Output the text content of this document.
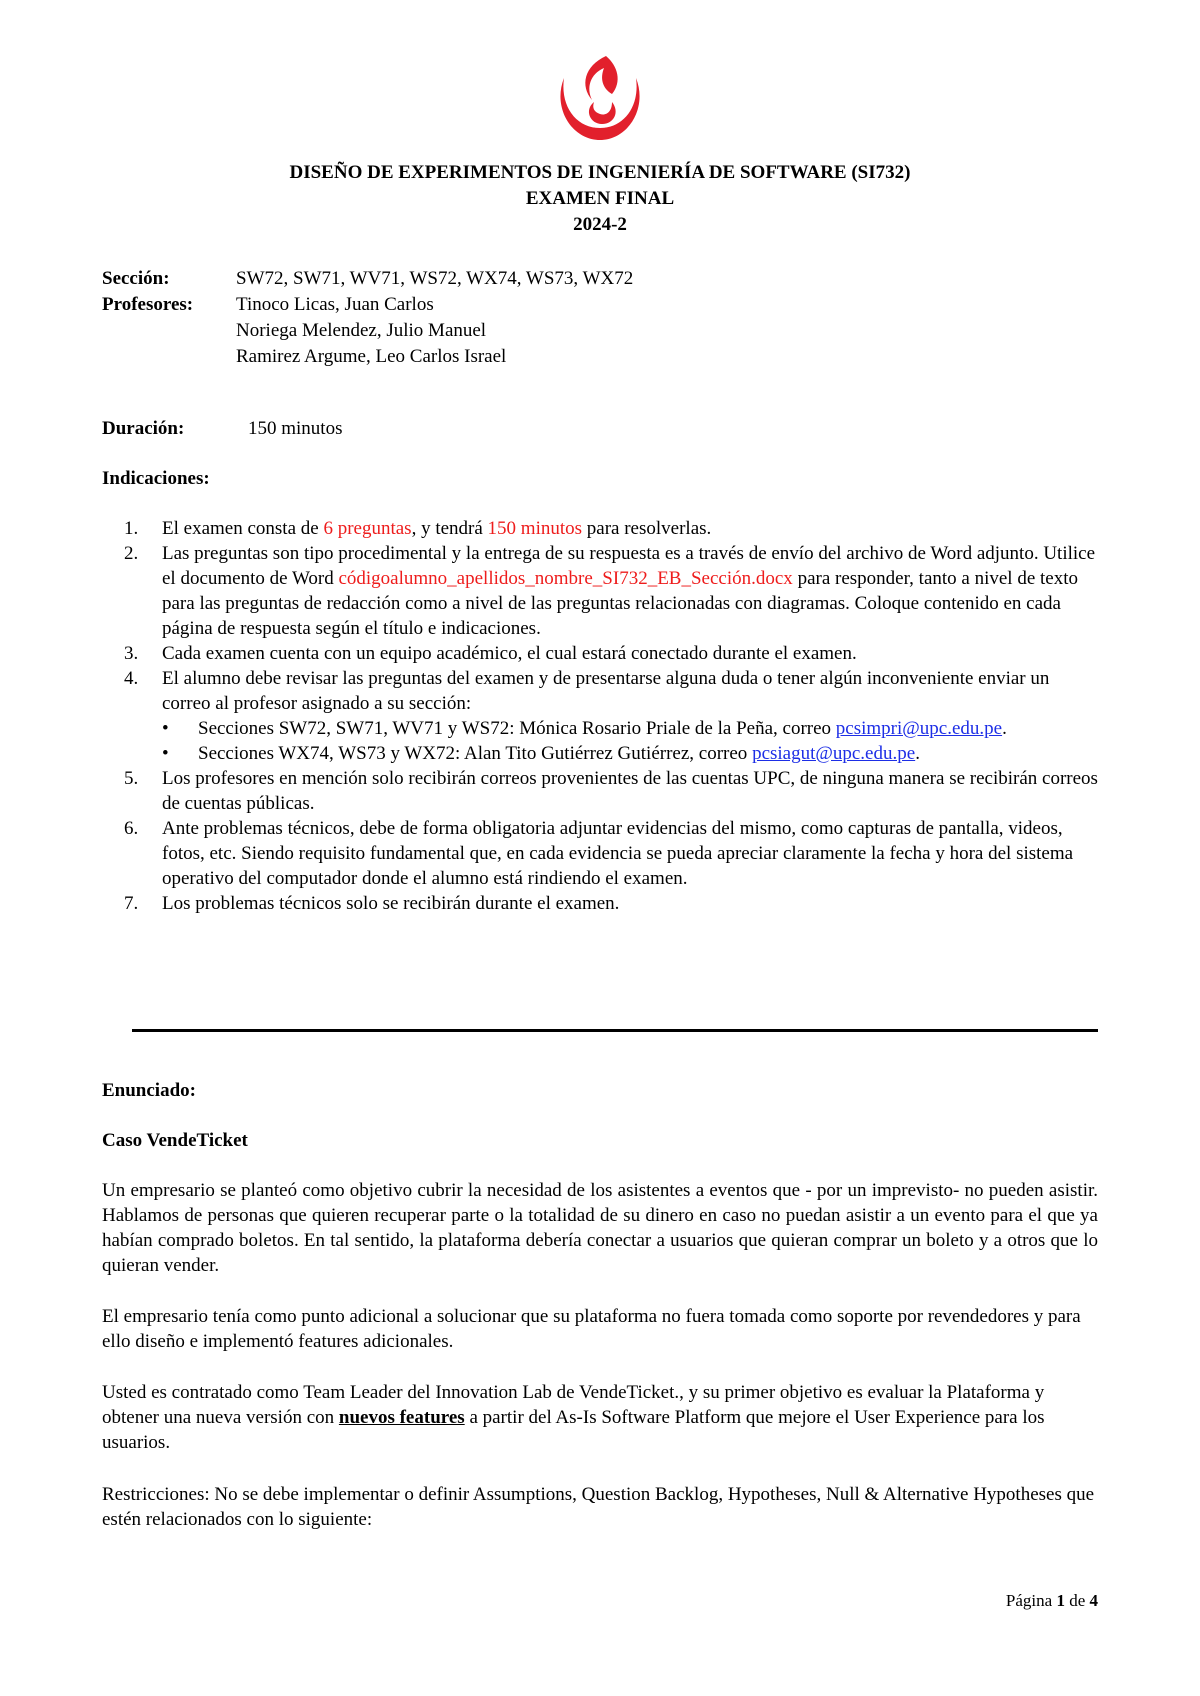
DISEÑO DE EXPERIMENTOS DE INGENIERÍA DE SOFTWARE (SI732)
EXAMEN FINAL
2024-2
Sección:	SW72, SW71, WV71, WS72, WX74, WS73, WX72
Profesores:	Tinoco Licas, Juan Carlos
Noriega Melendez, Julio Manuel
Ramirez Argume, Leo Carlos Israel
Duración:	150 minutos
Indicaciones:
1. El examen consta de 6 preguntas, y tendrá 150 minutos para resolverlas.
2. Las preguntas son tipo procedimental y la entrega de su respuesta es a través de envío del archivo de Word adjunto. Utilice el documento de Word códigoalumno_apellidos_nombre_SI732_EB_Sección.docx para responder, tanto a nivel de texto para las preguntas de redacción como a nivel de las preguntas relacionadas con diagramas. Coloque contenido en cada página de respuesta según el título e indicaciones.
3. Cada examen cuenta con un equipo académico, el cual estará conectado durante el examen.
4. El alumno debe revisar las preguntas del examen y de presentarse alguna duda o tener algún inconveniente enviar un correo al profesor asignado a su sección:
• Secciones SW72, SW71, WV71 y WS72: Mónica Rosario Priale de la Peña, correo pcsimpri@upc.edu.pe.
• Secciones WX74, WS73 y WX72: Alan Tito Gutiérrez Gutiérrez, correo pcsiagut@upc.edu.pe.
5. Los profesores en mención solo recibirán correos provenientes de las cuentas UPC, de ninguna manera se recibirán correos de cuentas públicas.
6. Ante problemas técnicos, debe de forma obligatoria adjuntar evidencias del mismo, como capturas de pantalla, videos, fotos, etc. Siendo requisito fundamental que, en cada evidencia se pueda apreciar claramente la fecha y hora del sistema operativo del computador donde el alumno está rindiendo el examen.
7. Los problemas técnicos solo se recibirán durante el examen.
Enunciado:
Caso VendeTicket
Un empresario se planteó como objetivo cubrir la necesidad de los asistentes a eventos que - por un imprevisto- no pueden asistir. Hablamos de personas que quieren recuperar parte o la totalidad de su dinero en caso no puedan asistir a un evento para el que ya habían comprado boletos. En tal sentido, la plataforma debería conectar a usuarios que quieran comprar un boleto y a otros que lo quieran vender.
El empresario tenía como punto adicional a solucionar que su plataforma no fuera tomada como soporte por revendedores y para ello diseño e implementó features adicionales.
Usted es contratado como Team Leader del Innovation Lab de VendeTicket., y su primer objetivo es evaluar la Plataforma y obtener una nueva versión con nuevos features a partir del As-Is Software Platform que mejore el User Experience para los usuarios.
Restricciones: No se debe implementar o definir Assumptions, Question Backlog, Hypotheses, Null & Alternative Hypotheses que estén relacionados con lo siguiente:
Página 1 de 4
